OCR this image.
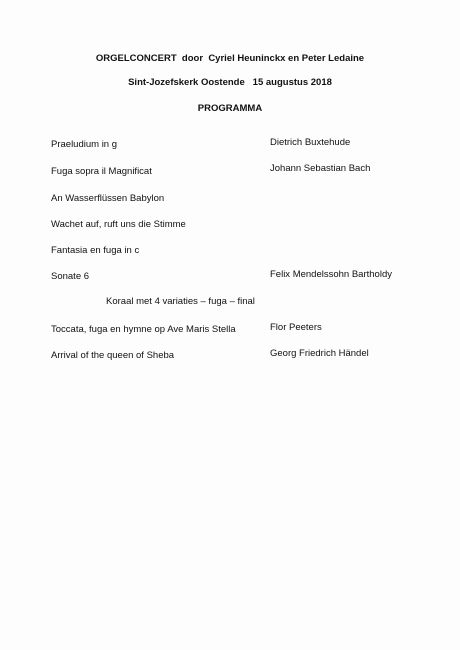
ORGELCONCERT  door  Cyriel Heuninckx en Peter Ledaine
Sint-Jozefskerk Oostende   15 augustus 2018
PROGRAMMA
Praeludium in g	Dietrich Buxtehude
Fuga sopra il Magnificat	Johann Sebastian Bach
An Wasserflüssen Babylon
Wachet auf, ruft uns die Stimme
Fantasia en fuga in c
Sonate 6	Felix Mendelssohn Bartholdy
Koraal met 4 variaties – fuga – final
Toccata, fuga en hymne op Ave Maris Stella	Flor Peeters
Arrival of the queen of Sheba	Georg Friedrich Händel
